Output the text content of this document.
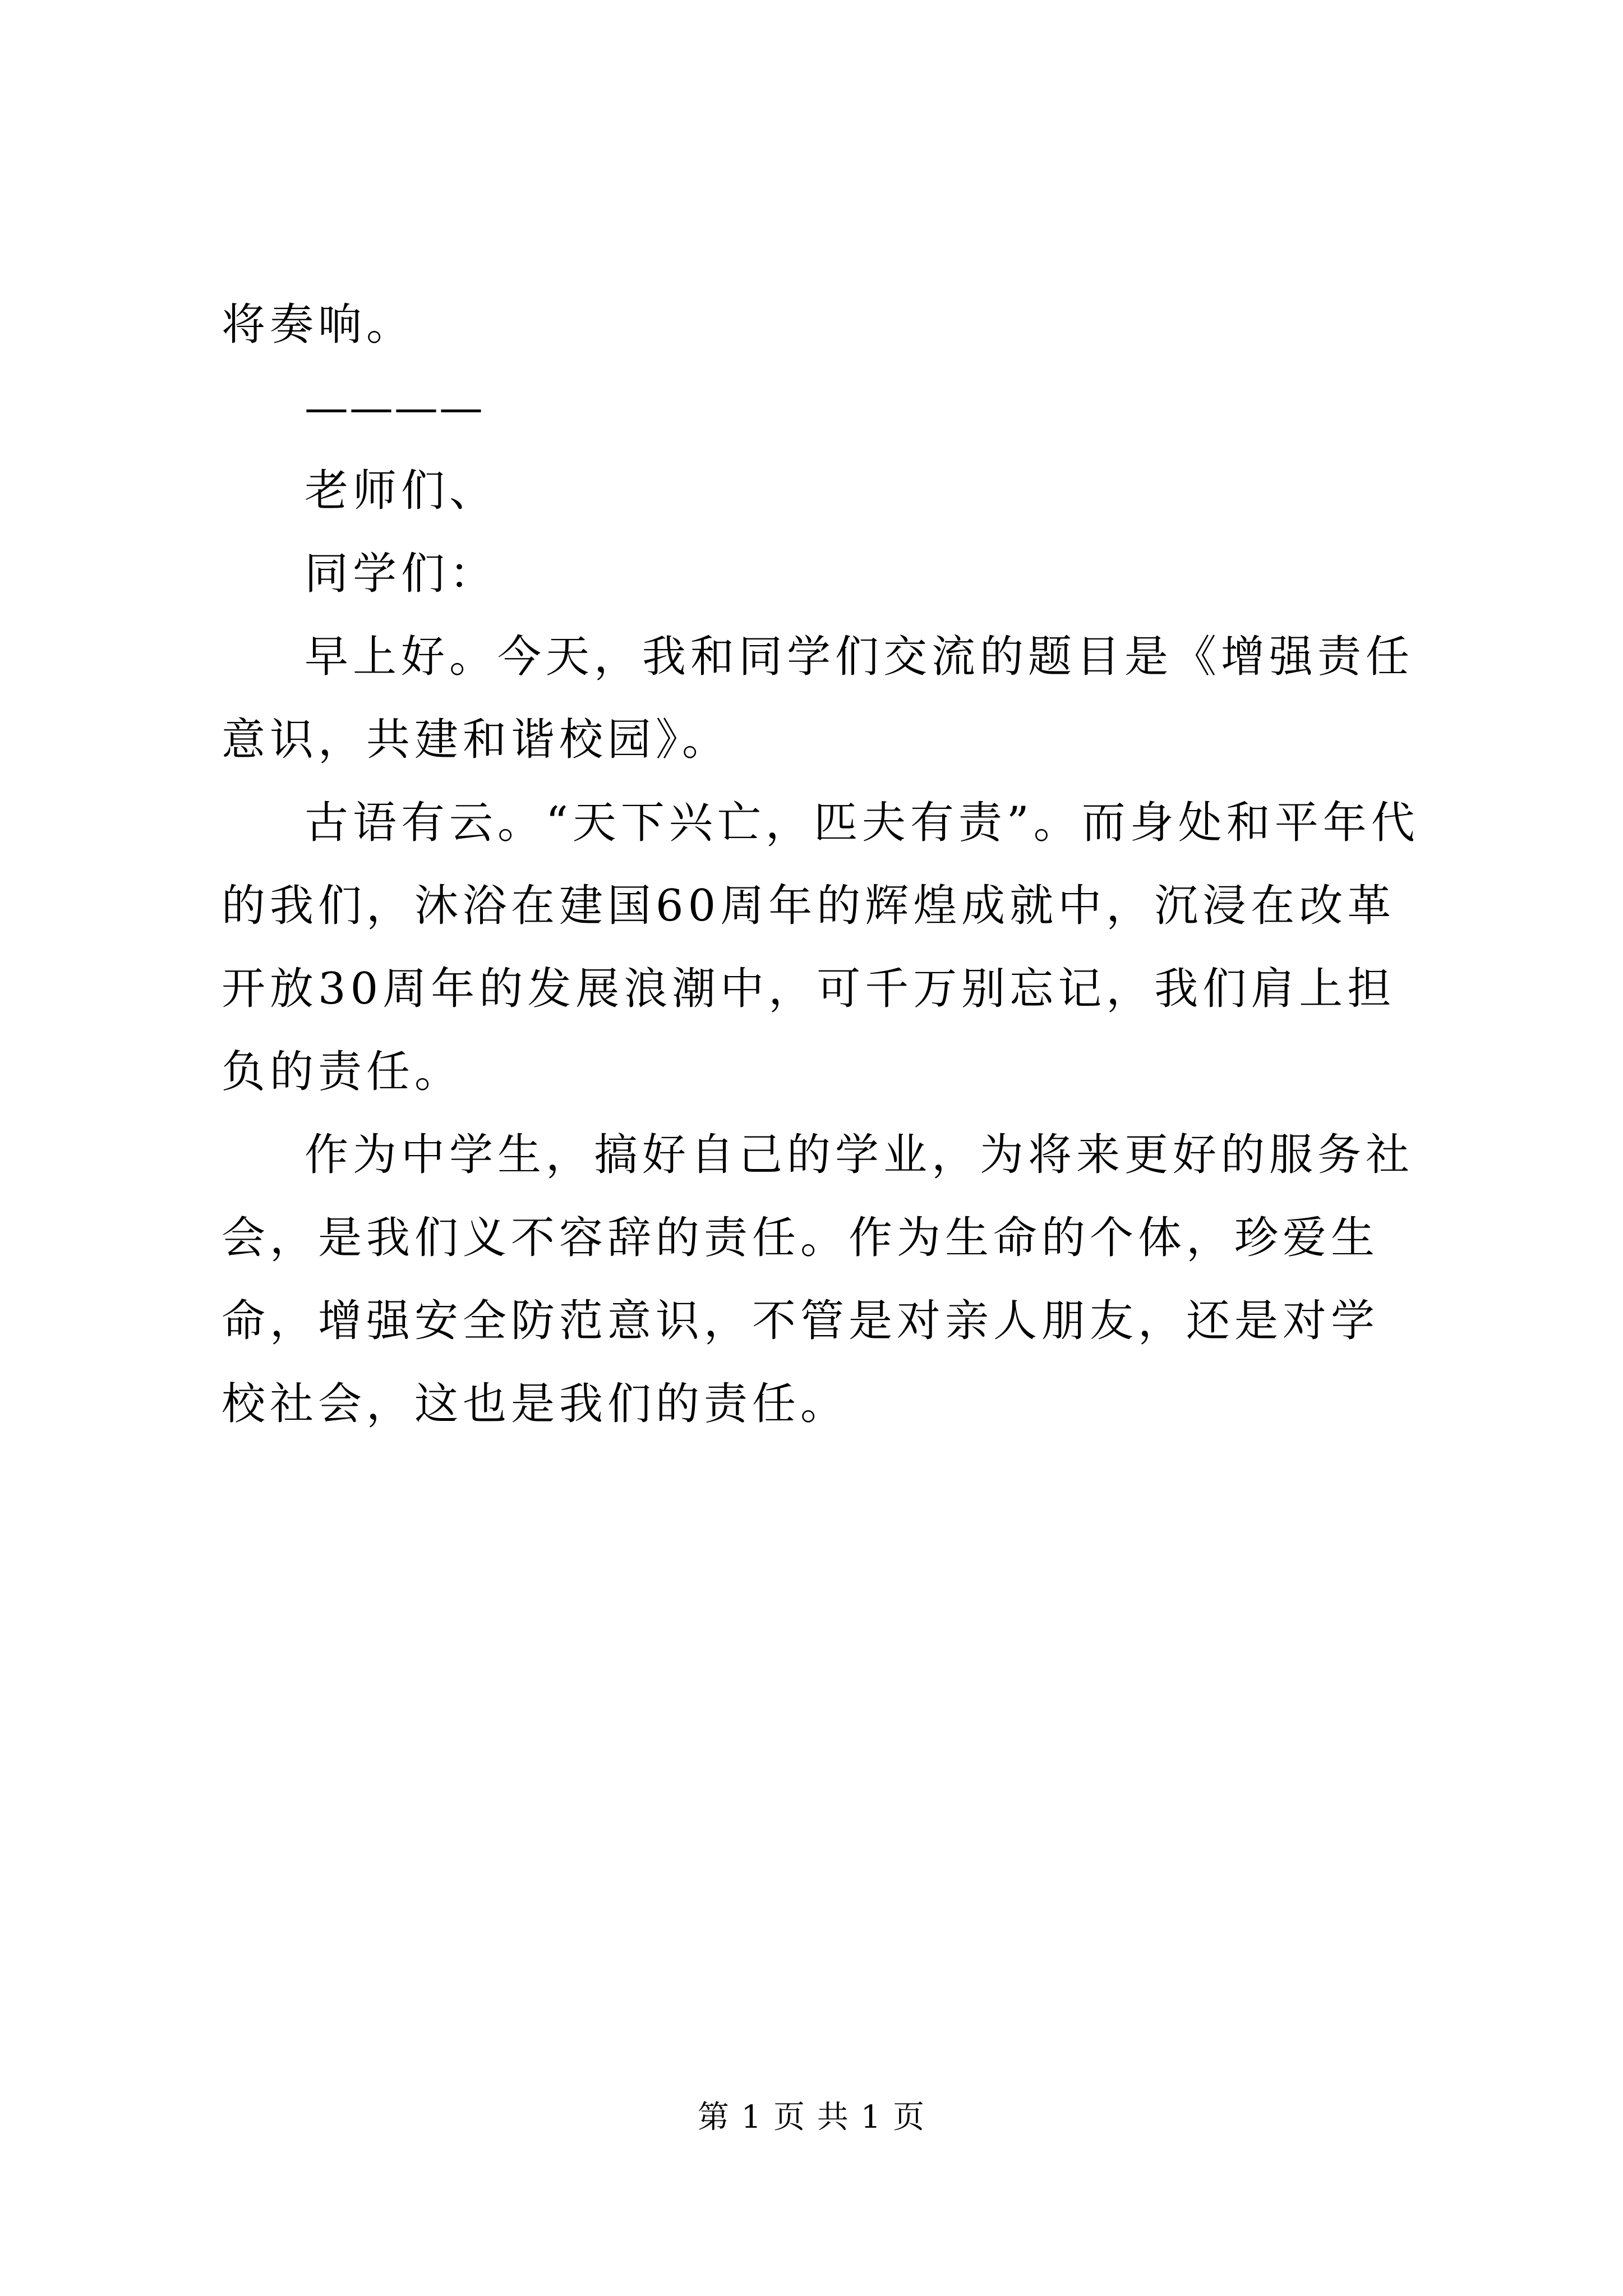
将奏响。

————

老师们、

同学们：

早上好。今天，我和同学们交流的题目是《增强责任意识，共建和谐校园》。

古语有云。“天下兴亡，匹夫有责”。而身处和平年代的我们，沐浴在建国60周年的辉煌成就中，沉浸在改革开放30周年的发展浪潮中，可千万别忘记，我们肩上担负的责任。

作为中学生，搞好自己的学业，为将来更好的服务社会，是我们义不容辞的责任。作为生命的个体，珍爱生命，增强安全防范意识，不管是对亲人朋友，还是对学校社会，这也是我们的责任。

第 1 页 共 1 页
